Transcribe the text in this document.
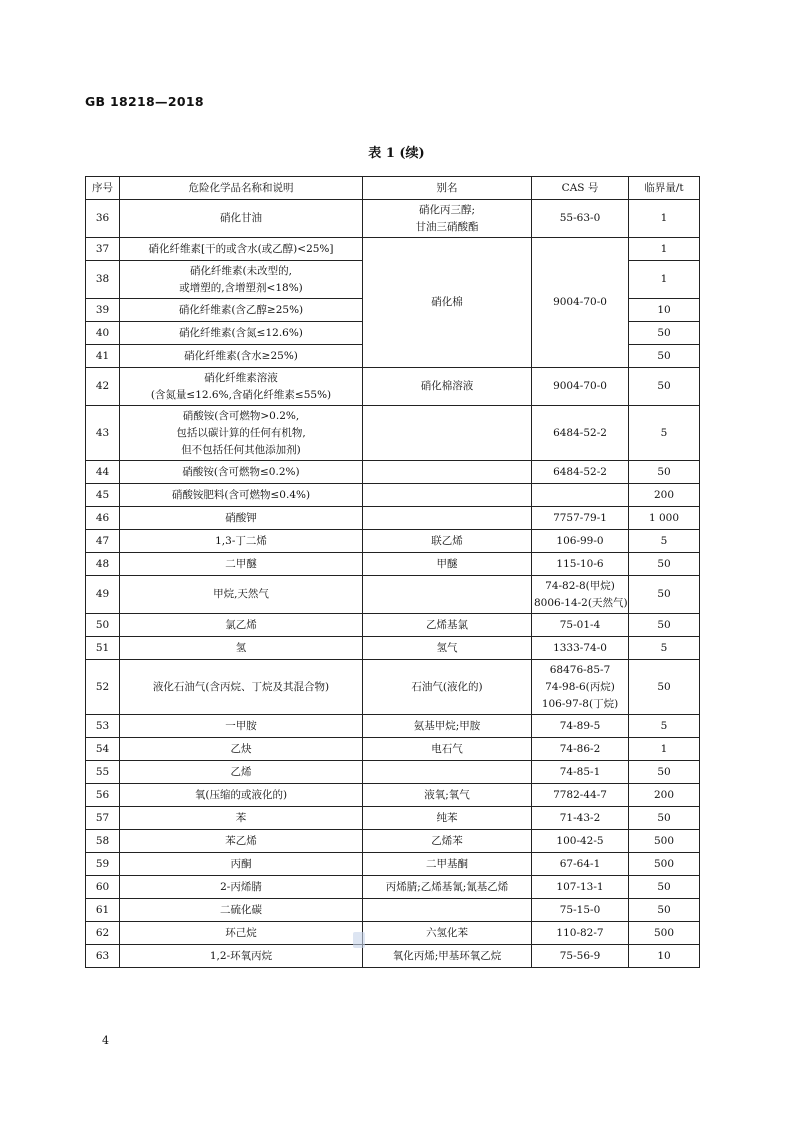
GB 18218—2018
表 1 (续)
序号	危险化学品名称和说明	别名	CAS 号	临界量/t
36	硝化甘油	硝化丙三醇;
甘油三硝酸酯	55-63-0	1
37	硝化纤维素[干的或含水(或乙醇)<25%]	硝化棉	9004-70-0	1
38	硝化纤维素(未改型的,
或增塑的,含增塑剂<18%)			1
39	硝化纤维素(含乙醇≥25%)			10
40	硝化纤维素(含氮≤12.6%)			50
41	硝化纤维素(含水≥25%)			50
42	硝化纤维素溶液
(含氮量≤12.6%,含硝化纤维素≤55%)	硝化棉溶液	9004-70-0	50
43	硝酸铵(含可燃物>0.2%,
包括以碳计算的任何有机物,
但不包括任何其他添加剂)		6484-52-2	5
44	硝酸铵(含可燃物≤0.2%)		6484-52-2	50
45	硝酸铵肥料(含可燃物≤0.4%)			200
46	硝酸钾		7757-79-1	1 000
47	1,3-丁二烯	联乙烯	106-99-0	5
48	二甲醚	甲醚	115-10-6	50
49	甲烷,天然气		74-82-8(甲烷)
8006-14-2(天然气)	50
50	氯乙烯	乙烯基氯	75-01-4	50
51	氢	氢气	1333-74-0	5
52	液化石油气(含丙烷、丁烷及其混合物)	石油气(液化的)	68476-85-7
74-98-6(丙烷)
106-97-8(丁烷)	50
53	一甲胺	氨基甲烷;甲胺	74-89-5	5
54	乙炔	电石气	74-86-2	1
55	乙烯		74-85-1	50
56	氧(压缩的或液化的)	液氧;氧气	7782-44-7	200
57	苯	纯苯	71-43-2	50
58	苯乙烯	乙烯苯	100-42-5	500
59	丙酮	二甲基酮	67-64-1	500
60	2-丙烯腈	丙烯腈;乙烯基氰;氰基乙烯	107-13-1	50
61	二硫化碳		75-15-0	50
62	环己烷	六氢化苯	110-82-7	500
63	1,2-环氧丙烷	氧化丙烯;甲基环氧乙烷	75-56-9	10
4
